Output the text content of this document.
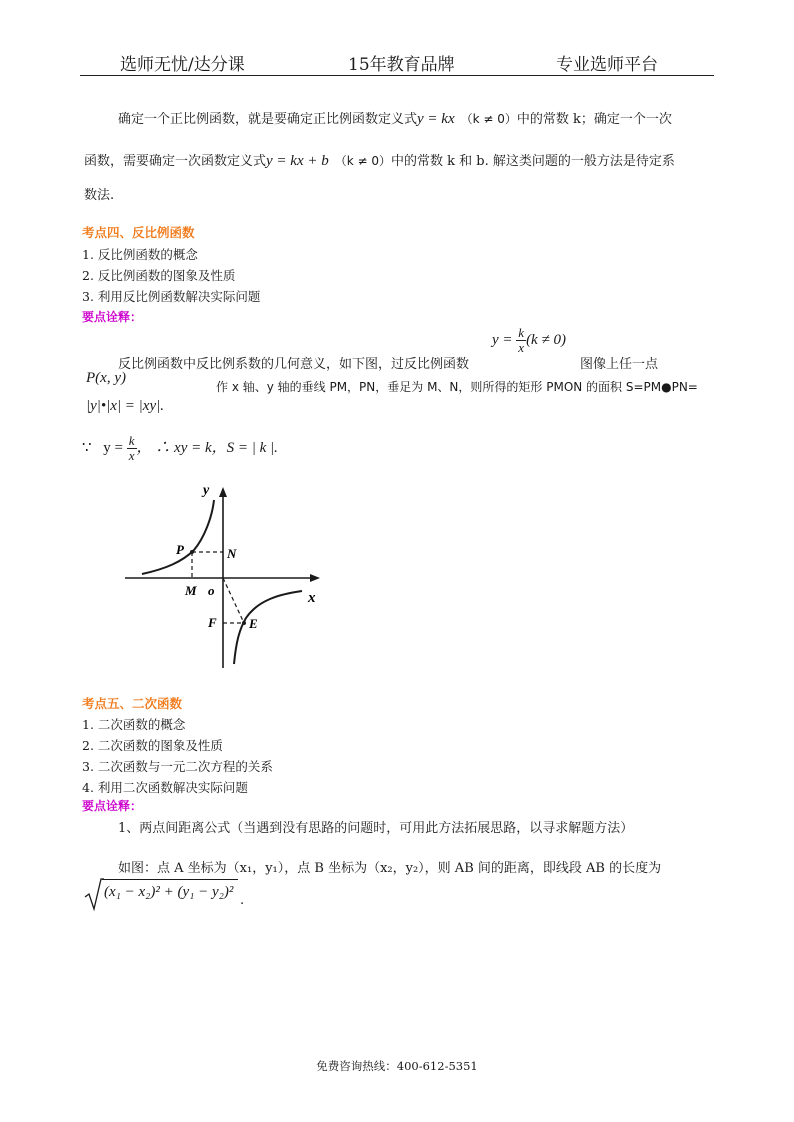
选师无忧/达分课	15年教育品牌	专业选师平台
确定一个正比例函数，就是要确定正比例函数定义式y = kx （k ≠ 0）中的常数 k；确定一个一次
函数，需要确定一次函数定义式y = kx + b （k ≠ 0）中的常数 k 和 b. 解这类问题的一般方法是待定系
数法.
考点四、反比例函数
1. 反比例函数的概念
2. 反比例函数的图象及性质
3. 利用反比例函数解决实际问题
要点诠释：
反比例函数中反比例系数的几何意义，如下图，过反比例函数
$y = \frac{k}{x} (k \ne 0)$
图像上任一点
P(x, y)
作 x 轴、y 轴的垂线 PM，PN，垂足为 M、N，则所得的矩形 PMON 的面积 S=PM●PN=
|y|•|x| = |xy|.
∵ $y = \frac{k}{x}$ ， ∴ xy = k，S = | k |.
y
x
o
P	N
M
F E
考点五、二次函数
1. 二次函数的概念
2. 二次函数的图象及性质
3. 二次函数与一元二次方程的关系
4. 利用二次函数解决实际问题
要点诠释：
1、两点间距离公式（当遇到没有思路的问题时，可用此方法拓展思路，以寻求解题方法）
如图：点 A 坐标为（x₁，y₁），点 B 坐标为（x₂，y₂），则 AB 间的距离，即线段 AB 的长度为
(x₁ − x₂)² + (y₁ − y₂)²
.
免费咨询热线：400-612-5351
